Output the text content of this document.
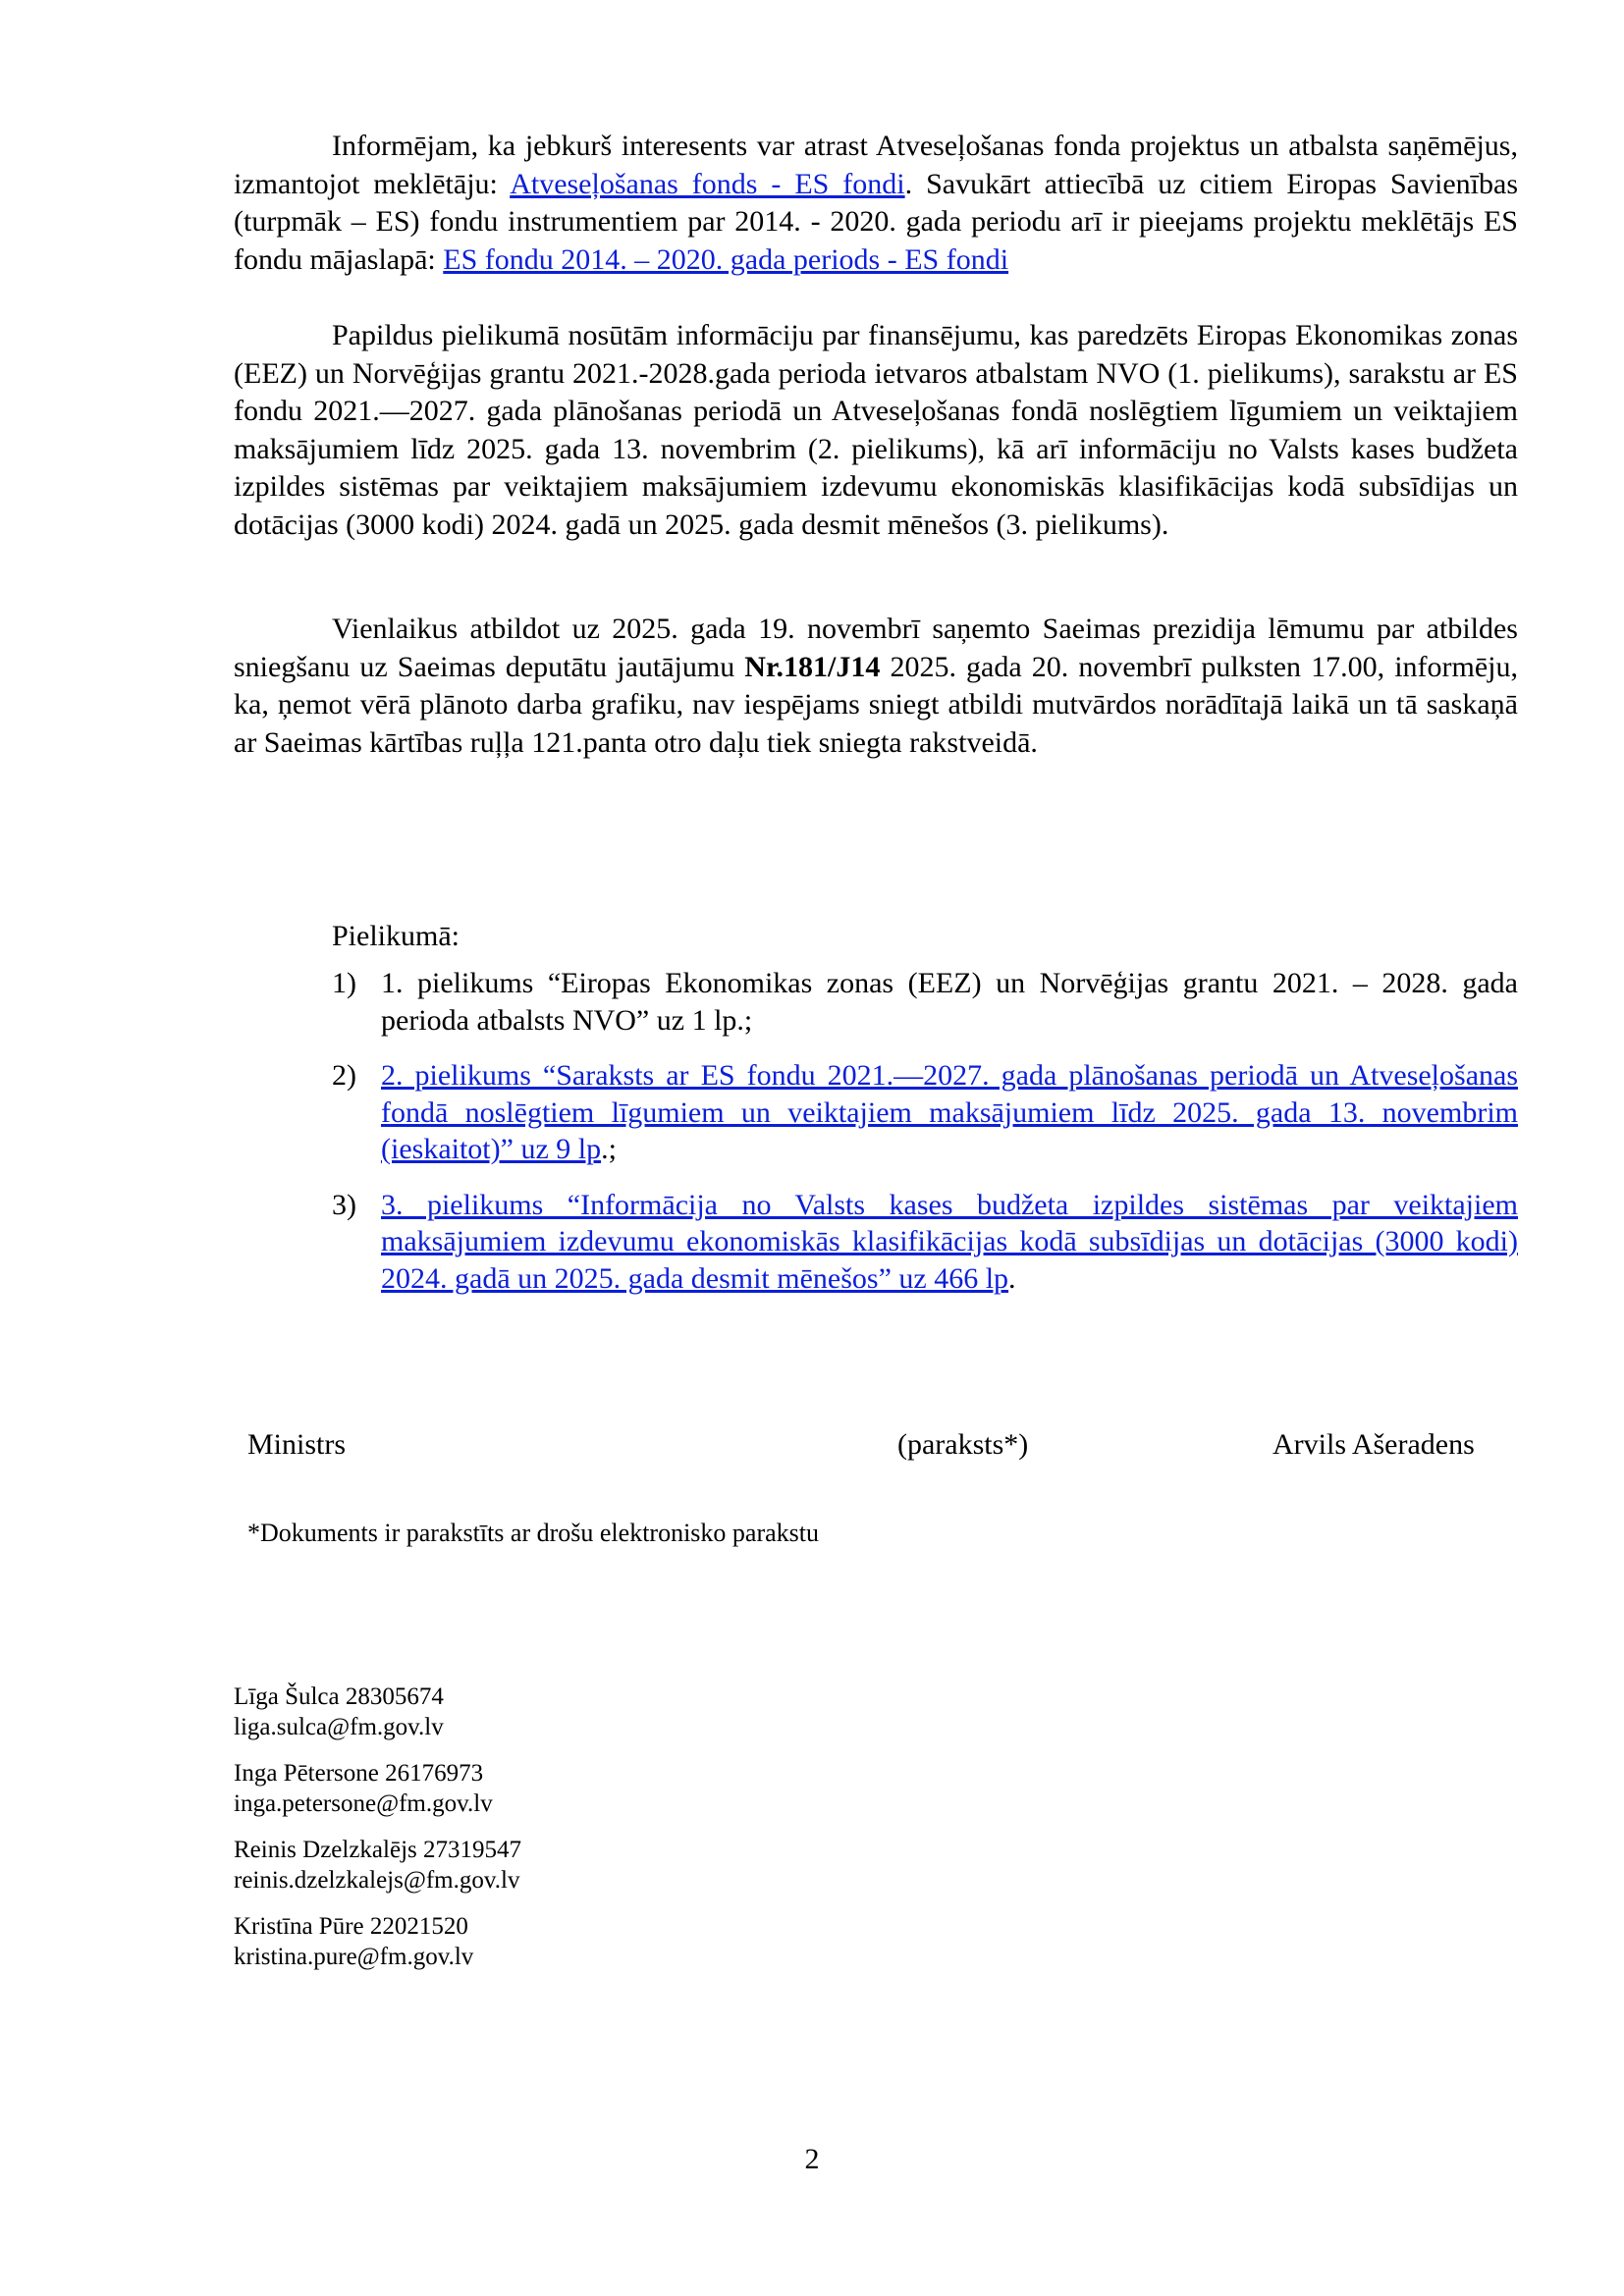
Informējam, ka jebkurš interesents var atrast Atveseļošanas fonda projektus un atbalsta saņēmējus, izmantojot meklētāju: Atveseļošanas fonds - ES fondi. Savukārt attiecībā uz citiem Eiropas Savienības (turpmāk – ES) fondu instrumentiem par 2014. - 2020. gada periodu arī ir pieejams projektu meklētājs ES fondu mājaslapā: ES fondu 2014. – 2020. gada periods - ES fondi

Papildus pielikumā nosūtām informāciju par finansējumu, kas paredzēts Eiropas Ekonomikas zonas (EEZ) un Norvēģijas grantu 2021.-2028.gada perioda ietvaros atbalstam NVO (1. pielikums), sarakstu ar ES fondu 2021.—2027. gada plānošanas periodā un Atveseļošanas fondā noslēgtiem līgumiem un veiktajiem maksājumiem līdz 2025. gada 13. novembrim (2. pielikums), kā arī informāciju no Valsts kases budžeta izpildes sistēmas par veiktajiem maksājumiem izdevumu ekonomiskās klasifikācijas kodā subsīdijas un dotācijas (3000 kodi) 2024. gadā un 2025. gada desmit mēnešos (3. pielikums).

Vienlaikus atbildot uz 2025. gada 19. novembrī saņemto Saeimas prezidija lēmumu par atbildes sniegšanu uz Saeimas deputātu jautājumu Nr.181/J14 2025. gada 20. novembrī pulksten 17.00, informēju, ka, ņemot vērā plānoto darba grafiku, nav iespējams sniegt atbildi mutvārdos norādītajā laikā un tā saskaņā ar Saeimas kārtības ruļļa 121.panta otro daļu tiek sniegta rakstveidā.

Pielikumā:
1) 1. pielikums “Eiropas Ekonomikas zonas (EEZ) un Norvēģijas grantu 2021. – 2028. gada perioda atbalsts NVO” uz 1 lp.;
2) 2. pielikums “Saraksts ar ES fondu 2021.—2027. gada plānošanas periodā un Atveseļošanas fondā noslēgtiem līgumiem un veiktajiem maksājumiem līdz 2025. gada 13. novembrim (ieskaitot)” uz 9 lp.;
3) 3. pielikums “Informācija no Valsts kases budžeta izpildes sistēmas par veiktajiem maksājumiem izdevumu ekonomiskās klasifikācijas kodā subsīdijas un dotācijas (3000 kodi) 2024. gadā un 2025. gada desmit mēnešos” uz 466 lp.
Ministrs	(paraksts*)	Arvils Ašeradens
*Dokuments ir parakstīts ar drošu elektronisko parakstu
Līga Šulca 28305674
liga.sulca@fm.gov.lv
Inga Pētersone 26176973
inga.petersone@fm.gov.lv
Reinis Dzelzkalējs 27319547
reinis.dzelzkalejs@fm.gov.lv
Kristīna Pūre 22021520
kristina.pure@fm.gov.lv
2
